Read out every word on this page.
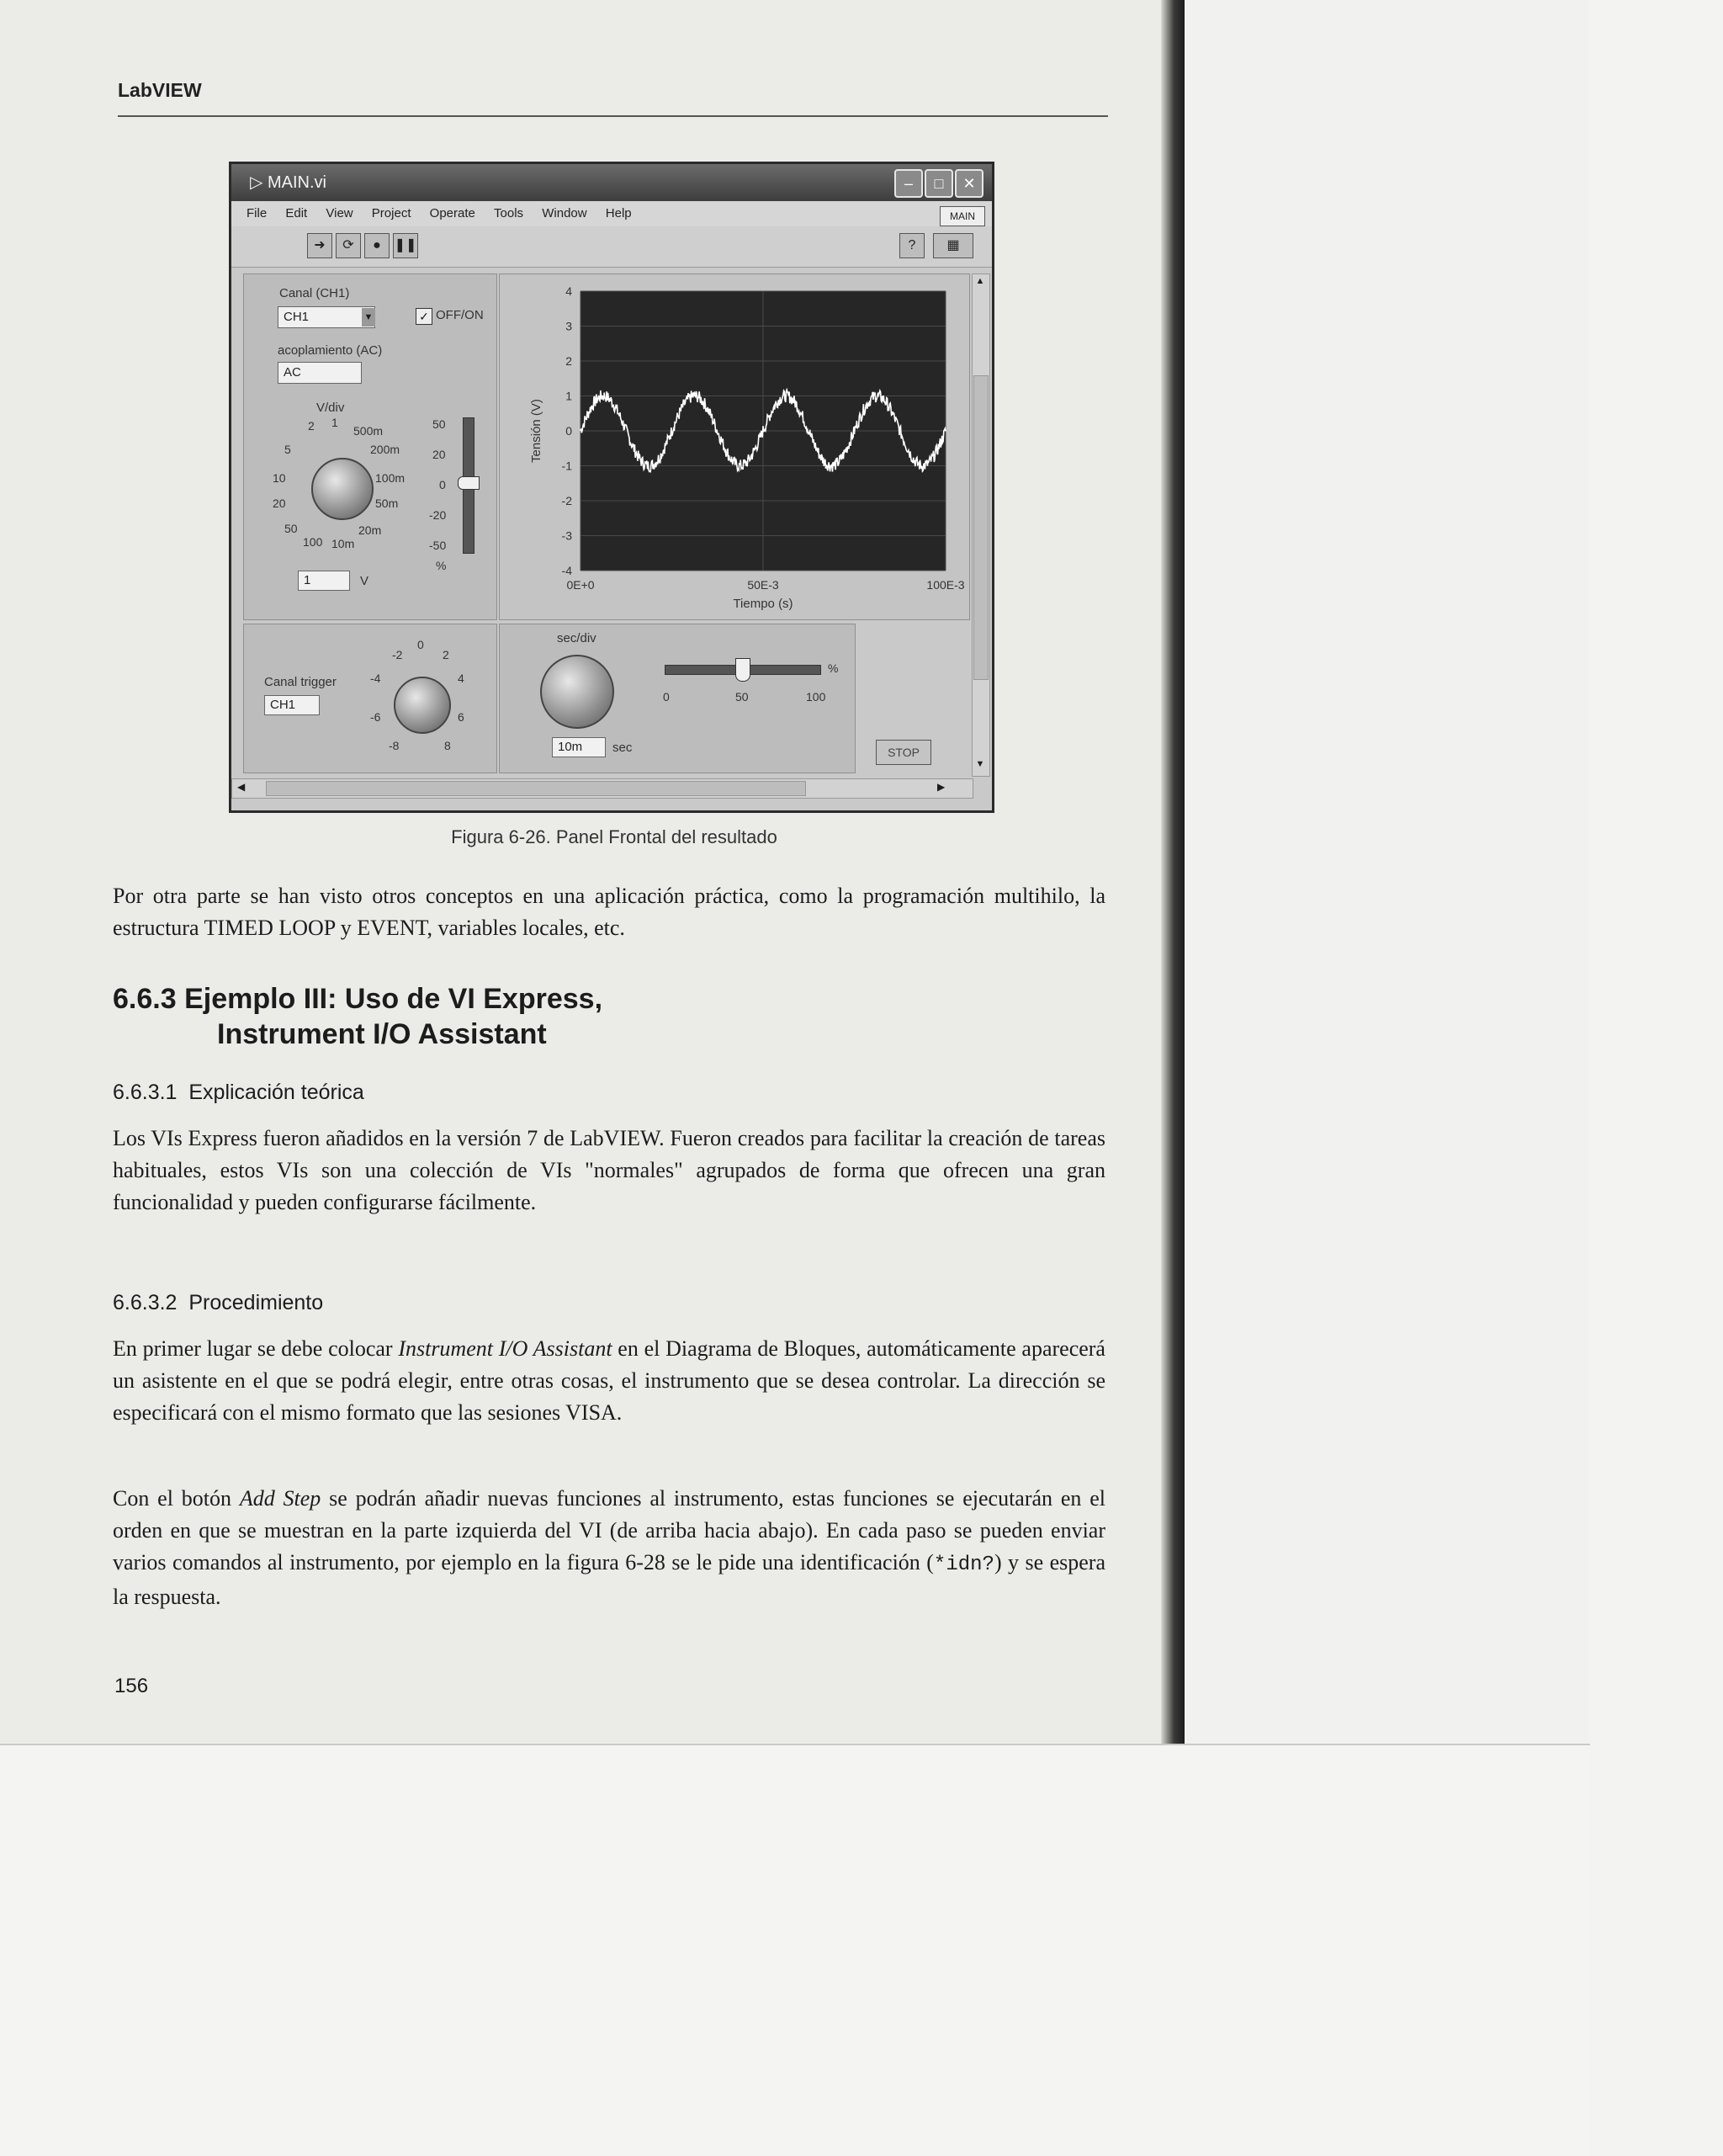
LabVIEW
▷ MAIN.vi	–	□	✕
File Edit View Project Operate Tools Window Help	MAIN
➜	⟳	● ❚❚	?	▦
Canal (CH1)
CH1	▼	✓ OFF/ON
acoplamiento (AC)
AC
V/div
2 1
500m
5	200m
10	100m
20	50m
50	20m
100 10m
1	V
50
20
0
-20
-50
%
4
3
2
1
0
-1
-2
-3
-4
0E+0	50E-3	100E-3
Tiempo (s)
Tensión (V)
Canal trigger
CH1
-2
0
2
-4	4
-6	6
-8	8
sec/div
10m	sec
%
0	50	100
STOP
▲
▼
◀	▶
Figura 6-26. Panel Frontal del resultado
Por otra parte se han visto otros conceptos en una aplicación práctica, como la programación multihilo, la estructura TIMED LOOP y EVENT, variables locales, etc.
6.6.3 Ejemplo III: Uso de VI Express,
Instrument I/O Assistant
6.6.3.1 Explicación teórica
Los VIs Express fueron añadidos en la versión 7 de LabVIEW. Fueron creados para facilitar la creación de tareas habituales, estos VIs son una colección de VIs "normales" agrupados de forma que ofrecen una gran funcionalidad y pueden configurarse fácilmente.
6.6.3.2 Procedimiento
En primer lugar se debe colocar Instrument I/O Assistant en el Diagrama de Bloques, automáticamente aparecerá un asistente en el que se podrá elegir, entre otras cosas, el instrumento que se desea controlar. La dirección se especificará con el mismo formato que las sesiones VISA.
Con el botón Add Step se podrán añadir nuevas funciones al instrumento, estas funciones se ejecutarán en el orden en que se muestran en la parte izquierda del VI (de arriba hacia abajo). En cada paso se pueden enviar varios comandos al instrumento, por ejemplo en la figura 6-28 se le pide una identificación (*idn?) y se espera la respuesta.
156
